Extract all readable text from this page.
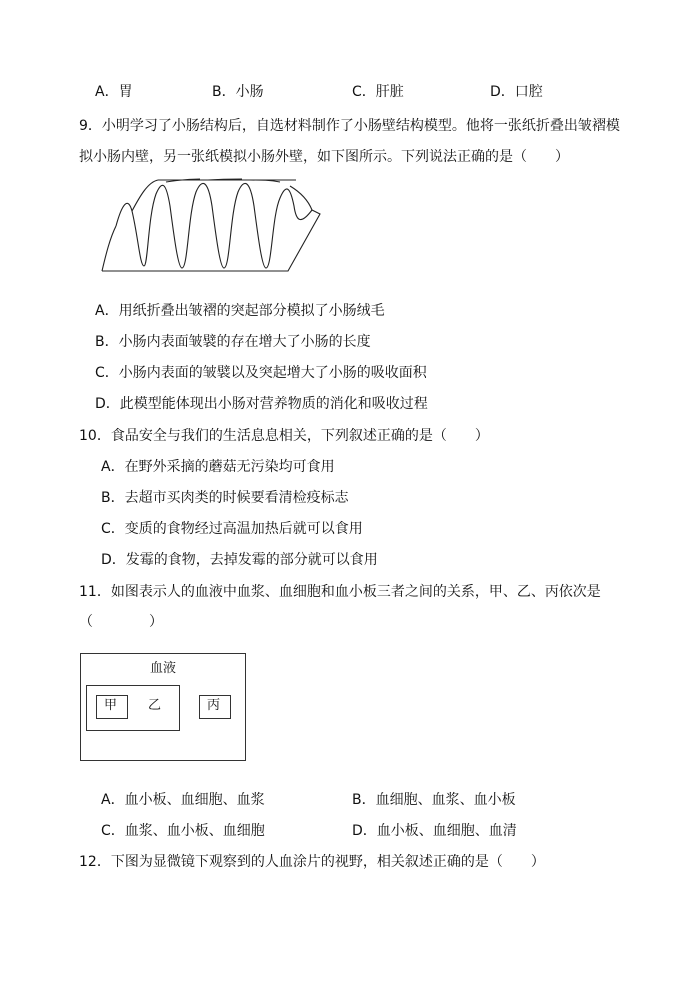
A．胃	B．小肠	C．肝脏	D．口腔
9．小明学习了小肠结构后，自选材料制作了小肠壁结构模型。他将一张纸折叠出皱褶模
拟小肠内壁，另一张纸模拟小肠外壁，如下图所示。下列说法正确的是（　　）
A．用纸折叠出皱褶的突起部分模拟了小肠绒毛
B．小肠内表面皱襞的存在增大了小肠的长度
C．小肠内表面的皱襞以及突起增大了小肠的吸收面积
D．此模型能体现出小肠对营养物质的消化和吸收过程
10．食品安全与我们的生活息息相关，下列叙述正确的是（　　）
A．在野外采摘的蘑菇无污染均可食用
B．去超市买肉类的时候要看清检疫标志
C．变质的食物经过高温加热后就可以食用
D．发霉的食物，去掉发霉的部分就可以食用
11．如图表示人的血液中血浆、血细胞和血小板三者之间的关系，甲、乙、丙依次是
（　　　　）
血液
甲 乙	丙
A．血小板、血细胞、血浆	B．血细胞、血浆、血小板
C．血浆、血小板、血细胞	D．血小板、血细胞、血清
12．下图为显微镜下观察到的人血涂片的视野，相关叙述正确的是（　　）
